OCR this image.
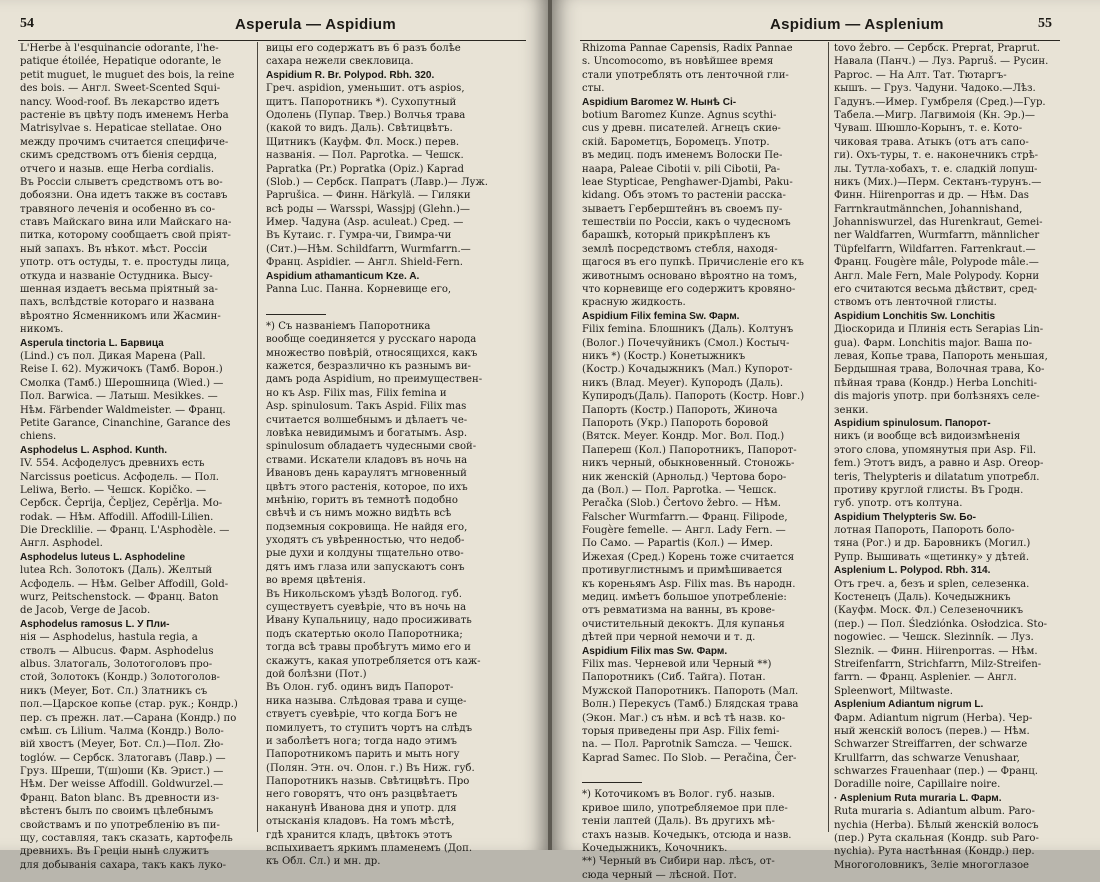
54	Asperula — Aspidium
L'Herbe à l'esquinancie odorante, l'he-
patique étoilée, Hepatique odorante, le
petit muguet, le muguet des bois, la reine
des bois. — Англ. Sweet-Scented Squi-
nancy. Wood-roof. Въ лекарство идетъ
растеніе въ цвѣту подъ именемъ Herba
Matrisylvae s. Hepaticae stellatae. Оно
между прочимъ считается специфиче-
скимъ средствомъ отъ біенія сердца,
отчего и назыв. еще Herba cordialis.
Въ Россіи слыветъ средствомъ отъ во-
добоязни. Она идетъ также въ составъ
травяного леченія и особенно въ со-
ставъ Майскаго вина или Майскаго на-
питка, которому сообщаетъ свой пріят-
ный запахъ. Въ нѣкот. мѣст. Россіи
употр. отъ остуды, т. е. простуды лица,
откуда и названіе Остудника. Высу-
шенная издаетъ весьма пріятный за-
пахъ, вслѣдствіе котораго и названа
вѣроятно Ясменникомъ или Жасмин-
никомъ.
Asperula tinctoria L. Барвица
(Lind.) съ пол. Дикая Марена (Pall.
Reise I. 62). Мужичокъ (Тамб. Ворон.)
Смолка (Тамб.) Шерошница (Wied.) —
Пол. Barwica. — Латыш. Mesikkes. —
Нѣм. Färbender Waldmeister. — Франц.
Petite Garance, Cinanchine, Garance des
chiens.
Asphodelus L. Asphod. Kunth.
IV. 554. Асфоделусъ древнихъ есть
Narcissus poeticus. Асфодель. — Пол.
Leliwa, Berło. — Чешск. Kopičko. —
Сербск. Čepriја, Čepljez, Cepěrlja. Mo-
rodak. — Нѣм. Affodill. Affodill-Lilien.
Die Drecklilie. — Франц. L'Asphodèle. —
Англ. Asphodel.
Asphodelus luteus L. Asphodeline
lutea Rch. Золотокъ (Даль). Желтый
Асфодель. — Нѣм. Gelber Affodill, Gold-
wurz, Peitschenstock. — Франц. Baton
de Jacob, Verge de Jacob.
Asphodelus ramosus L. У Пли-
нія — Asphodelus, hastula regia, a
стволъ — Albucus. Фарм. Asphodelus
albus. Златогаль, Золотоголовъ про-
стой, Золотокъ (Кондр.) Золотоголов-
никъ (Meyer, Бот. Сл.) Златникъ съ
пол.—Царское копье (стар. рук.; Кондр.)
пер. съ прежн. лат.—Сарана (Кондр.) по
смѣш. съ Lilium. Чалма (Кондр.) Воло-
вій хвостъ (Meyer, Бот. Сл.)—Пол. Zło-
toglów. — Сербск. Златогавъ (Лавр.) —
Груз. Шреши, Т(ш)оши (Кв. Эрист.) —
Нѣм. Der weisse Affodill. Goldwurzel.—
Франц. Baton blanc. Въ древности из-
вѣстенъ былъ по своимъ цѣлебнымъ
свойствамъ и по употребленію въ пи-
щу, составляя, такъ сказать, картофель
древнихъ. Въ Греціи нынѣ служитъ
для добыванія сахара, такъ какъ луко-
вицы его содержатъ въ 6 разъ болѣе
сахара нежели свекловица.
Aspidium R. Br. Polypod. Rbh. 320.
Греч. aspidion, уменьшит. отъ aspios,
щитъ. Папоротникъ *). Сухопутный
Одолень (Пупар. Твер.) Волчья трава
(какой то видъ. Даль). Свѣтицвѣтъ.
Щитникъ (Кауфм. Фл. Моск.) перев.
названія. — Пол. Paprotka. — Чешск.
Papratka (Pr.) Popratka (Opiz.) Kaprad
(Slob.) — Сербск. Папратъ (Лавр.)— Луж.
Paprušica. — Финн. Härkylä. — Гиляки
всѣ роды — Warsspi, Wassjpj (Glehn.)—
Имер. Чадуна (Asp. aculeat.) Сред. —
Въ Кутаис. г. Гумра-чи, Гвимра-чи
(Сит.)—Нѣм. Schildfarrn, Wurmfarrn.—
Франц. Aspidier. — Англ. Shield-Fern.
Aspidium athamanticum Kze. A.
Panna Luc. Панна. Корневище его,
*) Съ названіемъ Папоротника
вообще соединяется у русскаго народа
множество повѣрій, относящихся, какъ
кажется, безразлично къ разнымъ ви-
дамъ рода Aspidium, но преимуществен-
но къ Asp. Filix mas, Filix femina и
Asp. spinulosum. Такъ Aspid. Filix mas
считается волшебнымъ и дѣлаетъ че-
ловѣка невидимымъ и богатымъ. Asp.
spinulosum обладаетъ чудесными свой-
ствами. Искатели кладовъ въ ночь на
Ивановъ день караулятъ мгновенный
цвѣтъ этого растенія, которое, по ихъ
мнѣнію, горитъ въ темнотѣ подобно
свѣчѣ и съ нимъ можно видѣть всѣ
подземныя сокровища. Не найдя его,
уходятъ съ увѣренностью, что недоб-
рые духи и колдуны тщательно отво-
дятъ имъ глаза или запускаютъ сонъ
во время цвѣтенія.
Въ Никольскомъ уѣздѣ Вологод. губ.
существуетъ суевѣріе, что въ ночь на
Ивану Купальницу, надо просиживать
подъ скатертью около Папоротника;
тогда всѣ травы пробѣгутъ мимо его и
скажутъ, какая употребляется отъ каж-
дой болѣзни (Пот.)
Въ Олон. губ. одинъ видъ Папорот-
ника называ. Слѣдовая трава и суще-
ствуетъ суевѣріе, что когда Богъ не
помилуетъ, то ступитъ чортъ на слѣдъ
и заболѣетъ нога; тогда надо этимъ
Папоротникомъ парить и мыть ногу
(Полян. Этн. оч. Олон. г.) Въ Ниж. губ.
Папоротникъ назыв. Свѣтицвѣтъ. Про
него говорятъ, что онъ разцвѣтаетъ
наканунѣ Иванова дня и употр. для
отысканія кладовъ. На томъ мѣстѣ,
гдѣ хранится кладъ, цвѣтокъ этотъ
вспыхиваетъ яркимъ пламенемъ (Доп.
къ Обл. Сл.) и мн. др.
Aspidium — Asplenium	55
Rhizoma Pannae Capensis, Radix Pannae
s. Uncomocomo, въ новѣйшее время
стали употреблять отъ ленточной гли-
сты.
Aspidium Baromez W. Нынѣ Ci-
botium Baromez Kunze. Agnus scythi-
cus у древн. писателей. Агнецъ скиѳ-
скій. Барометцъ, Боромецъ. Употр.
въ медиц. подъ именемъ Волоски Пе-
наара, Paleae Cibotii v. pili Cibotii, Pa-
leae Stypticae, Penghawer-Djambi, Paku-
kidang. Объ этомъ то растеніи расска-
зываетъ Герберштейнъ въ своемъ пу-
тешествіи по Россіи, какъ о чудесномъ
барашкѣ, который прикрѣпленъ къ
землѣ посредствомъ стебля, находя-
щагося въ его пупкѣ. Причисленіе его къ
животнымъ основано вѣроятно на томъ,
что корневище его содержитъ кровяно-
красную жидкость.
Aspidium Filix femina Sw. Фарм.
Filix femina. Блошникъ (Даль). Колтунъ
(Волог.) Почечуйникъ (Смол.) Костыч-
никъ *) (Костр.) Конетыжникъ
(Костр.) Кочадыжникъ (Мал.) Купорот-
никъ (Влад. Meyer). Купородъ (Даль).
Купиродъ(Даль). Папороть (Костр. Новг.)
Папорть (Костр.) Папороть, Жиноча
Папороть (Укр.) Папороть боровой
(Вятск. Meyer. Кондр. Мог. Вол. Под.)
Папереш (Кол.) Папоротникъ, Папорот-
никъ черный, обыкновенный. Стоножь-
ник женскій (Арнольд.) Чертова боро-
да (Вол.) — Пол. Paprotka. — Чешск.
Peračka (Slob.) Čertovo žebro. — Нѣм.
Falscher Wurmfarrn.— Франц. Filipode,
Fougère femelle. — Англ. Lady Fern. —
По Само. — Papartis (Кол.) — Имер.
Ижехая (Сред.) Корень тоже считается
противуглистнымъ и примѣшивается
къ кореньямъ Asp. Filix mas. Въ народн.
медиц. имѣетъ большое употребленіе:
отъ ревматизма на ванны, въ крове-
очистительный декоктъ. Для купанья
дѣтей при черной немочи и т. д.
Aspidium Filix mas Sw. Фарм.
Filix mas. Черневой или Черный **)
Папоротникъ (Сиб. Тайга). Потан.
Мужской Папоротникъ. Папороть (Мал.
Волн.) Перекусъ (Тамб.) Блядская трава
(Экон. Маг.) съ нѣм. и всѣ тѣ назв. ко-
торыя приведены при Asp. Filix femi-
na. — Пол. Paprotnik Samcza. — Чешск.
Kaprad Samec. По Slob. — Peračina, Čer-
*) Коточикомъ въ Волог. губ. назыв.
кривое шило, употребляемое при пле-
теніи лаптей (Даль). Въ другихъ мѣ-
стахъ назыв. Кочедыкъ, отсюда и назв.
Кочедыжникъ, Кочочникъ.
**) Черный въ Сибири нар. лѣсъ, от-
сюда черный — лѣсной. Пот.
tovo žebro. — Сербск. Preprat, Praprut.
Навала (Панч.) — Луз. Papruš. — Русин.
Paproc. — На Алт. Тат. Тютаргъ-
кышъ. — Груз. Чадуни. Чадоко.—Лѣз.
Гадунъ.—Имер. Гумбреля (Сред.)—Гур.
Табела.—Мигр. Лагвимоія (Кн. Эр.)—
Чуваш. Шюшло-Корынъ, т. е. Кото-
чиковая трава. Атыкъ (отъ атъ сапо-
ги). Охъ-туры, т. е. наконечникъ стрѣ-
лы. Тутла-хобахъ, т. е. сладкій лопуш-
никъ (Мих.)—Перм. Сектанъ-турунъ.—
Финн. Hiirenporras и др. — Нѣм. Das
Farrnkrautmännchen, Johannishand,
Johanniswurzel, das Hurenkraut, Gemei-
ner Waldfarren, Wurmfarrn, männlicher
Tüpfelfarrn, Wildfarren. Farrenkraut.—
Франц. Fougère mâle, Polypode mâle.—
Англ. Male Fern, Male Polypody. Корни
его считаются весьма дѣйствит, сред-
ствомъ отъ ленточной глисты.
Aspidium Lonchitis Sw. Lonchitis
Діоскорида и Плинія есть Serapias Lin-
gua). Фарм. Lonchitis major. Ваша по-
левая, Копье трава, Папороть меньшая,
Бердышная трава, Волочная трава, Ко-
пѣйная трава (Кондр.) Herba Lonchiti-
dis majoris употр. при болѣзняхъ селе-
зенки.
Aspidium spinulosum. Папорот-
никъ (и вообще всѣ видоизмѣненія
этого слова, упомянутыя при Asp. Fil.
fem.) Этотъ видъ, а равно и Asp. Oreop-
teris, Thelypteris и dilatatum употребл.
противу круглой глисты. Въ Гродн.
губ. употр. отъ колтуна.
Aspidium Thelypteris Sw. Бо-
лотная Папороть, Папороть боло-
тяна (Pог.) и др. Баровникъ (Могил.)
Рупр. Вышивать «щетинку» у дѣтей.
Asplenium L. Polypod. Rbh. 314.
Отъ греч. а, безъ и splen, селезенка.
Костенецъ (Даль). Кочедыжникъ
(Кауфм. Моск. Фл.) Селезеночникъ
(пер.) — Пол. Śledziónka. Osłodzica. Sto-
nogowiec. — Чешск. Slezinník. — Луз.
Sleznik. — Финн. Hiirenporras. — Нѣм.
Streifenfarrn, Strichfarrn, Milz-Streifen-
farrn. — Франц. Asplenier. — Англ.
Spleenwort, Miltwaste.
Asplenium Adiantum nigrum L.
Фарм. Adiantum nigrum (Herba). Чер-
ный женскій волосъ (перев.) — Нѣм.
Schwarzer Streiffarren, der schwarze
Krullfarrn, das schwarze Venushaar,
schwarzes Frauenhaar (пер.) — Франц.
Doradille noire, Capillaire noire.
· Asplenium Ruta muraria L. Фарм.
Ruta muraria s. Adiantum album. Paro-
nychia (Herba). Бѣлый женскій волосъ
(пер.) Рута скальная (Кондр. sub Paro-
nychia). Рута настѣнная (Кондр.) пер.
Многоголовникъ, Зеліе многоглазое
